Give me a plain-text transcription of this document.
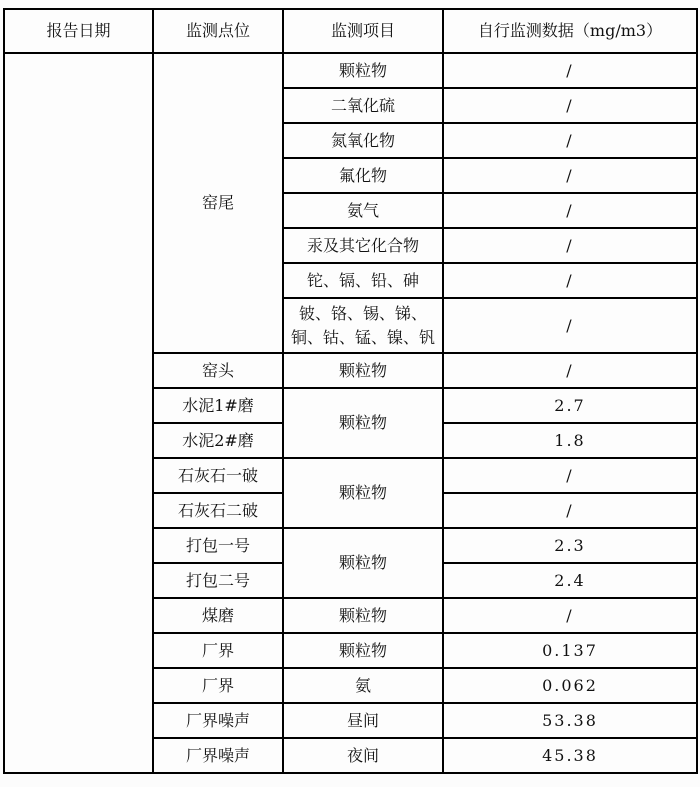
报告日期	监测点位	监测项目	自行监测数据（mg/m3）
	窑尾	颗粒物	/
		二氧化硫	/
		氮氧化物	/
		氟化物	/
		氨气	/
		汞及其它化合物	/
		铊、镉、铅、砷	/
		铍、铬、锡、锑、铜、钴、锰、镍、钒	/
	窑头	颗粒物	/
	水泥1#磨	颗粒物	2.7
	水泥2#磨		1.8
	石灰石一破	颗粒物	/
	石灰石二破		/
	打包一号	颗粒物	2.3
	打包二号		2.4
	煤磨	颗粒物	/
	厂界	颗粒物	0.137
	厂界	氨	0.062
	厂界噪声	昼间	53.38
	厂界噪声	夜间	45.38
